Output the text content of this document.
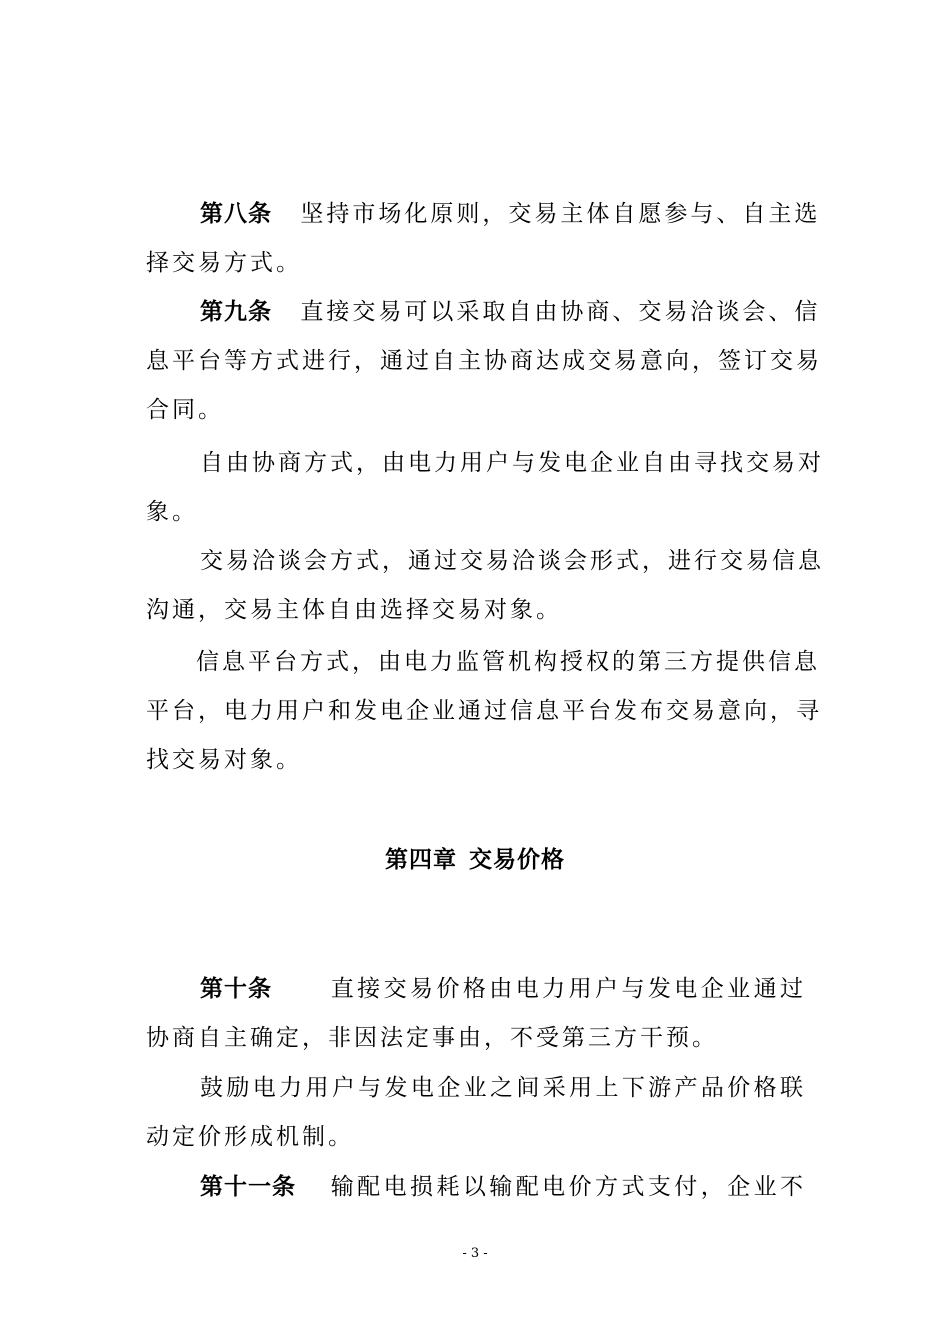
第八条 坚持市场化原则，交易主体自愿参与、自主选
择交易方式。
第九条 直接交易可以采取自由协商、交易洽谈会、信
息平台等方式进行，通过自主协商达成交易意向，签订交易
合同。
自由协商方式，由电力用户与发电企业自由寻找交易对
象。
交易洽谈会方式，通过交易洽谈会形式，进行交易信息
沟通，交易主体自由选择交易对象。
信息平台方式，由电力监管机构授权的第三方提供信息
平台，电力用户和发电企业通过信息平台发布交易意向，寻
找交易对象。
第四章 交易价格
第十条	直接交易价格由电力用户与发电企业通过
协商自主确定，非因法定事由，不受第三方干预。
鼓励电力用户与发电企业之间采用上下游产品价格联
动定价形成机制。
第十一条 输配电损耗以输配电价方式支付，企业不
- 3 -
